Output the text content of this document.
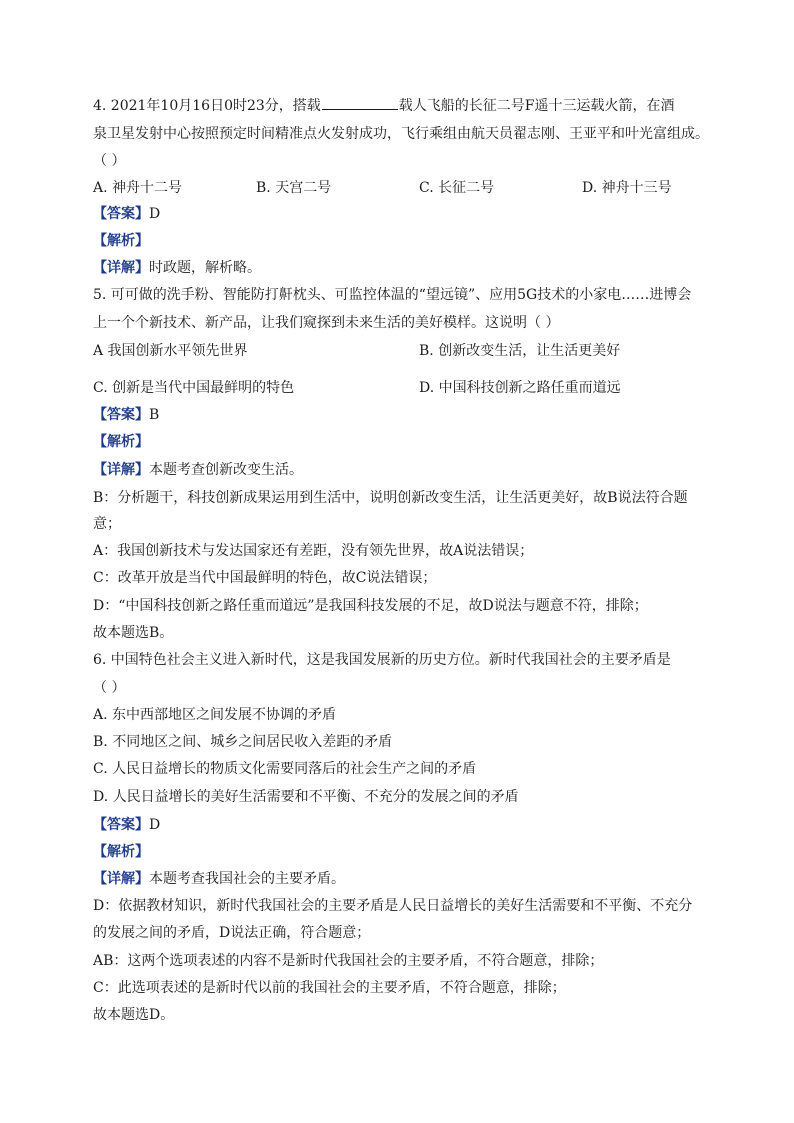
4. 2021年10月16日0时23分，搭载	载人飞船的长征二号F遥十三运载火箭，在酒
泉卫星发射中心按照预定时间精准点火发射成功，飞行乘组由航天员翟志刚、王亚平和叶光富组成。
（ ）
A. 神舟十二号	B. 天宫二号	C. 长征二号	D. 神舟十三号
【答案】D
【解析】
【详解】时政题，解析略。
5. 可可做的洗手粉、智能防打鼾枕头、可监控体温的“望远镜”、应用5G技术的小家电……进博会
上一个个新技术、新产品，让我们窥探到未来生活的美好模样。这说明（ ）
A 我国创新水平领先世界	B. 创新改变生活，让生活更美好
C. 创新是当代中国最鲜明的特色	D. 中国科技创新之路任重而道远
【答案】B
【解析】
【详解】本题考查创新改变生活。
B：分析题干，科技创新成果运用到生活中，说明创新改变生活，让生活更美好，故B说法符合题
意；
A：我国创新技术与发达国家还有差距，没有领先世界，故A说法错误；
C：改革开放是当代中国最鲜明的特色，故C说法错误；
D：“中国科技创新之路任重而道远”是我国科技发展的不足，故D说法与题意不符，排除；
故本题选B。
6. 中国特色社会主义进入新时代，这是我国发展新的历史方位。新时代我国社会的主要矛盾是
（ ）
A. 东中西部地区之间发展不协调的矛盾
B. 不同地区之间、城乡之间居民收入差距的矛盾
C. 人民日益增长的物质文化需要同落后的社会生产之间的矛盾
D. 人民日益增长的美好生活需要和不平衡、不充分的发展之间的矛盾
【答案】D
【解析】
【详解】本题考查我国社会的主要矛盾。
D：依据教材知识，新时代我国社会的主要矛盾是人民日益增长的美好生活需要和不平衡、不充分
的发展之间的矛盾，D说法正确，符合题意；
AB：这两个选项表述的内容不是新时代我国社会的主要矛盾，不符合题意，排除；
C：此选项表述的是新时代以前的我国社会的主要矛盾，不符合题意，排除；
故本题选D。
